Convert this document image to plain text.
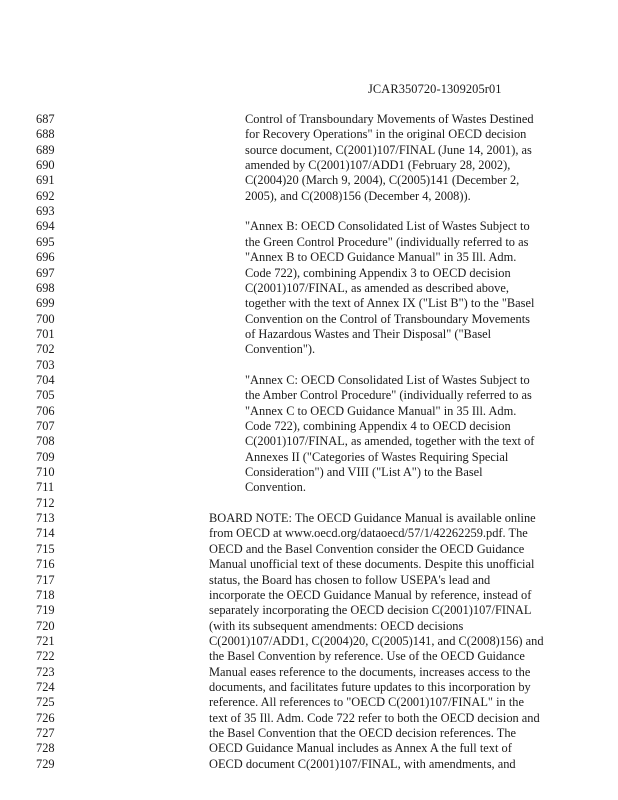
JCAR350720-1309205r01
687	Control of Transboundary Movements of Wastes Destined
688	for Recovery Operations" in the original OECD decision
689	source document, C(2001)107/FINAL (June 14, 2001), as
690	amended by C(2001)107/ADD1 (February 28, 2002),
691	C(2004)20 (March 9, 2004), C(2005)141 (December 2,
692	2005), and C(2008)156 (December 4, 2008)).
693
694	"Annex B: OECD Consolidated List of Wastes Subject to
695	the Green Control Procedure" (individually referred to as
696	"Annex B to OECD Guidance Manual" in 35 Ill. Adm.
697	Code 722), combining Appendix 3 to OECD decision
698	C(2001)107/FINAL, as amended as described above,
699	together with the text of Annex IX ("List B") to the "Basel
700	Convention on the Control of Transboundary Movements
701	of Hazardous Wastes and Their Disposal" ("Basel
702	Convention").
703
704	"Annex C: OECD Consolidated List of Wastes Subject to
705	the Amber Control Procedure" (individually referred to as
706	"Annex C to OECD Guidance Manual" in 35 Ill. Adm.
707	Code 722), combining Appendix 4 to OECD decision
708	C(2001)107/FINAL, as amended, together with the text of
709	Annexes II ("Categories of Wastes Requiring Special
710	Consideration") and VIII ("List A") to the Basel
711	Convention.
712
713	BOARD NOTE: The OECD Guidance Manual is available online
714	from OECD at www.oecd.org/dataoecd/57/1/42262259.pdf. The
715	OECD and the Basel Convention consider the OECD Guidance
716	Manual unofficial text of these documents. Despite this unofficial
717	status, the Board has chosen to follow USEPA's lead and
718	incorporate the OECD Guidance Manual by reference, instead of
719	separately incorporating the OECD decision C(2001)107/FINAL
720	(with its subsequent amendments: OECD decisions
721	C(2001)107/ADD1, C(2004)20, C(2005)141, and C(2008)156) and
722	the Basel Convention by reference. Use of the OECD Guidance
723	Manual eases reference to the documents, increases access to the
724	documents, and facilitates future updates to this incorporation by
725	reference. All references to "OECD C(2001)107/FINAL" in the
726	text of 35 Ill. Adm. Code 722 refer to both the OECD decision and
727	the Basel Convention that the OECD decision references. The
728	OECD Guidance Manual includes as Annex A the full text of
729	OECD document C(2001)107/FINAL, with amendments, and
